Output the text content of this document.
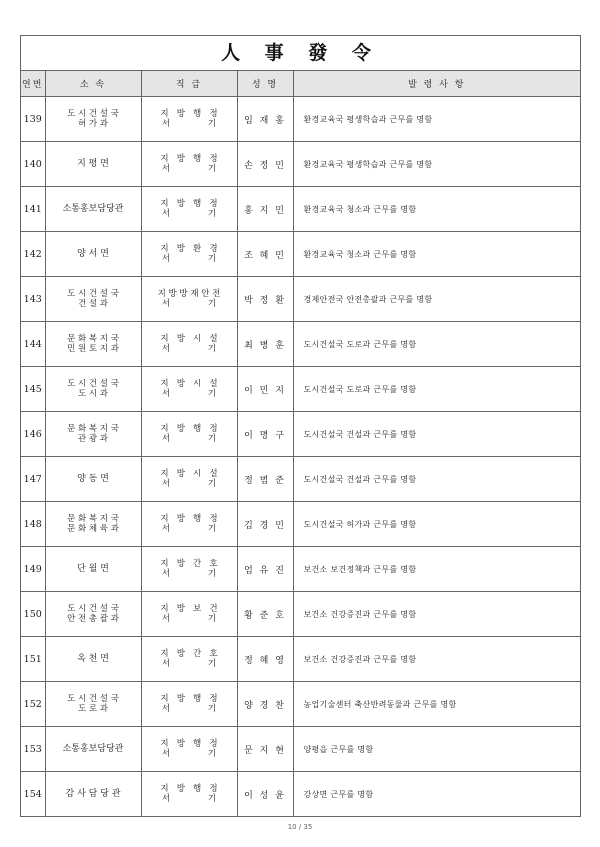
人 事 發 令
연번	소 속	직 급	성 명	발 령 사 항
139	도 시 건 설 국
허 가 과	지   방   행   정
서              기	임 재 홍	환경교육국 평생학습과 근무를 명함
140	지 평 면	지   방   행   정
서              기	손 정 민	환경교육국 평생학습과 근무를 명함
141	소통홍보담당관	지   방   행   정
서              기	홍 지 민	환경교육국 청소과 근무를 명함
142	양 서 면	지   방   환   경
서              기	조 혜 민	환경교육국 청소과 근무를 명함
143	도 시 건 설 국
건 설 과	지 방 방 재 안 전
서              기	박 정 환	경제안전국 안전총괄과 근무를 명함
144	문 화 복 지 국
민 원 토 지 과	지   방   시   설
서              기	최 병 훈	도시건설국 도로과 근무를 명함
145	도 시 건 설 국
도 시 과	지   방   시   설
서              기	이 민 지	도시건설국 도로과 근무를 명함
146	문 화 복 지 국
관 광 과	지   방   행   정
서              기	이 명 구	도시건설국 건설과 근무를 명함
147	양 동 면	지   방   시   설
서              기	정 범 준	도시건설국 건설과 근무를 명함
148	문 화 복 지 국
문 화 체 육 과	지   방   행   정
서              기	김 경 민	도시건설국 허가과 근무를 명함
149	단 월 면	지   방   간   호
서              기	엄 유 진	보건소 보건정책과 근무를 명함
150	도 시 건 설 국
안 전 총 괄 과	지   방   보   건
서              기	황 준 호	보건소 건강증진과 근무를 명함
151	옥 천 면	지   방   간   호
서              기	정 혜 영	보건소 건강증진과 근무를 명함
152	도 시 건 설 국
도 로 과	지   방   행   정
서              기	양 경 찬	농업기술센터 축산반려동물과 근무를 명함
153	소통홍보담당관	지   방   행   정
서              기	문 지 현	양평읍 근무를 명함
154	감 사 담 당 관	지   방   행   정
서              기	이 성 윤	강상면 근무를 명함
10 / 35
